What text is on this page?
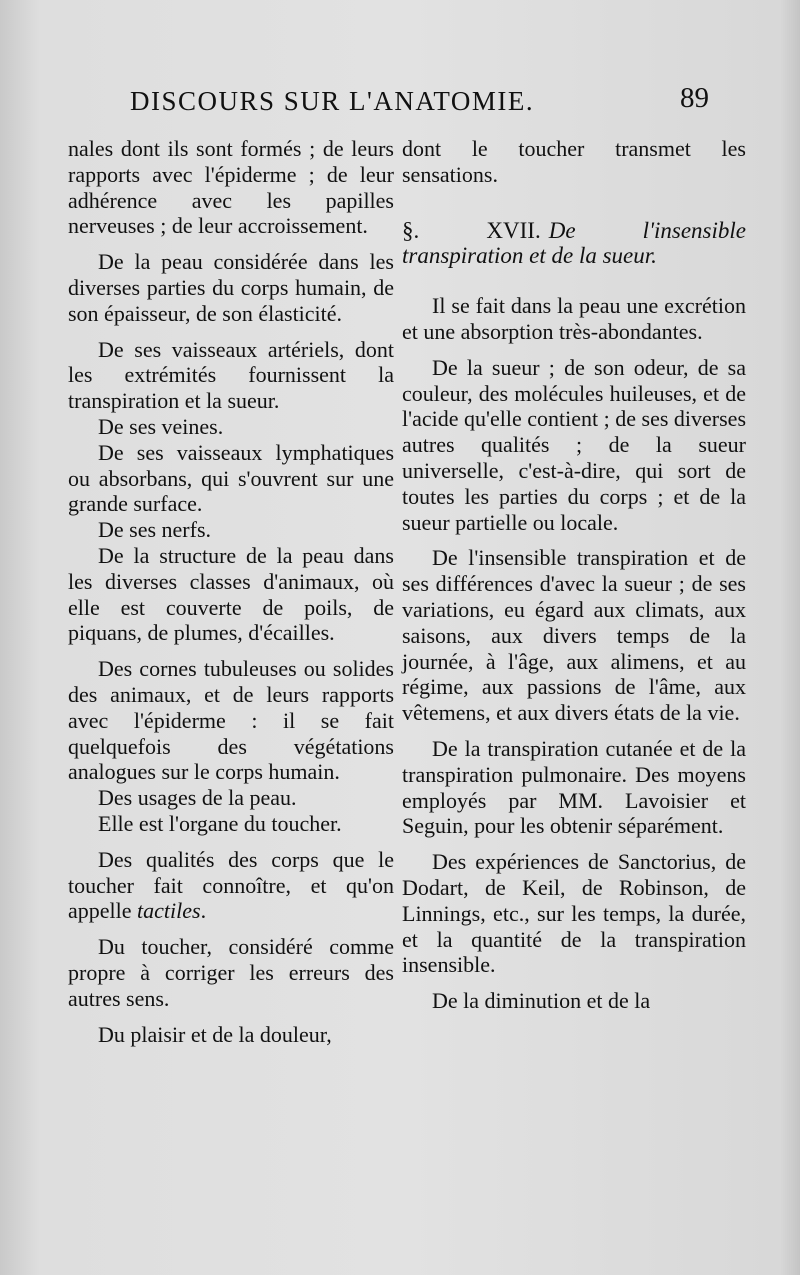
DISCOURS SUR L'ANATOMIE.	89

nales dont ils sont formés ; de leurs rapports avec l'épiderme ; de leur adhérence avec les papilles nerveuses ; de leur accroissement.

De la peau considérée dans les diverses parties du corps humain, de son épaisseur, de son élasticité.

De ses vaisseaux artériels, dont les extrémités fournissent la transpiration et la sueur.

De ses veines.

De ses vaisseaux lymphatiques ou absorbans, qui s'ouvrent sur une grande surface.

De ses nerfs.

De la structure de la peau dans les diverses classes d'animaux, où elle est couverte de poils, de piquans, de plumes, d'écailles.

Des cornes tubuleuses ou solides des animaux, et de leurs rapports avec l'épiderme : il se fait quelquefois des végétations analogues sur le corps humain.

Des usages de la peau.

Elle est l'organe du toucher.

Des qualités des corps que le toucher fait connoître, et qu'on appelle tactiles.

Du toucher, considéré comme propre à corriger les erreurs des autres sens.

Du plaisir et de la douleur,

dont le toucher transmet les sensations.

§. XVII. De l'insensible transpiration et de la sueur.

Il se fait dans la peau une excrétion et une absorption très-abondantes.

De la sueur ; de son odeur, de sa couleur, des molécules huileuses, et de l'acide qu'elle contient ; de ses diverses autres qualités ; de la sueur universelle, c'est-à-dire, qui sort de toutes les parties du corps ; et de la sueur partielle ou locale.

De l'insensible transpiration et de ses différences d'avec la sueur ; de ses variations, eu égard aux climats, aux saisons, aux divers temps de la journée, à l'âge, aux alimens, et au régime, aux passions de l'âme, aux vêtemens, et aux divers états de la vie.

De la transpiration cutanée et de la transpiration pulmonaire. Des moyens employés par MM. Lavoisier et Seguin, pour les obtenir séparément.

Des expériences de Sanctorius, de Dodart, de Keil, de Robinson, de Linnings, etc., sur les temps, la durée, et la quantité de la transpiration insensible.

De la diminution et de la
